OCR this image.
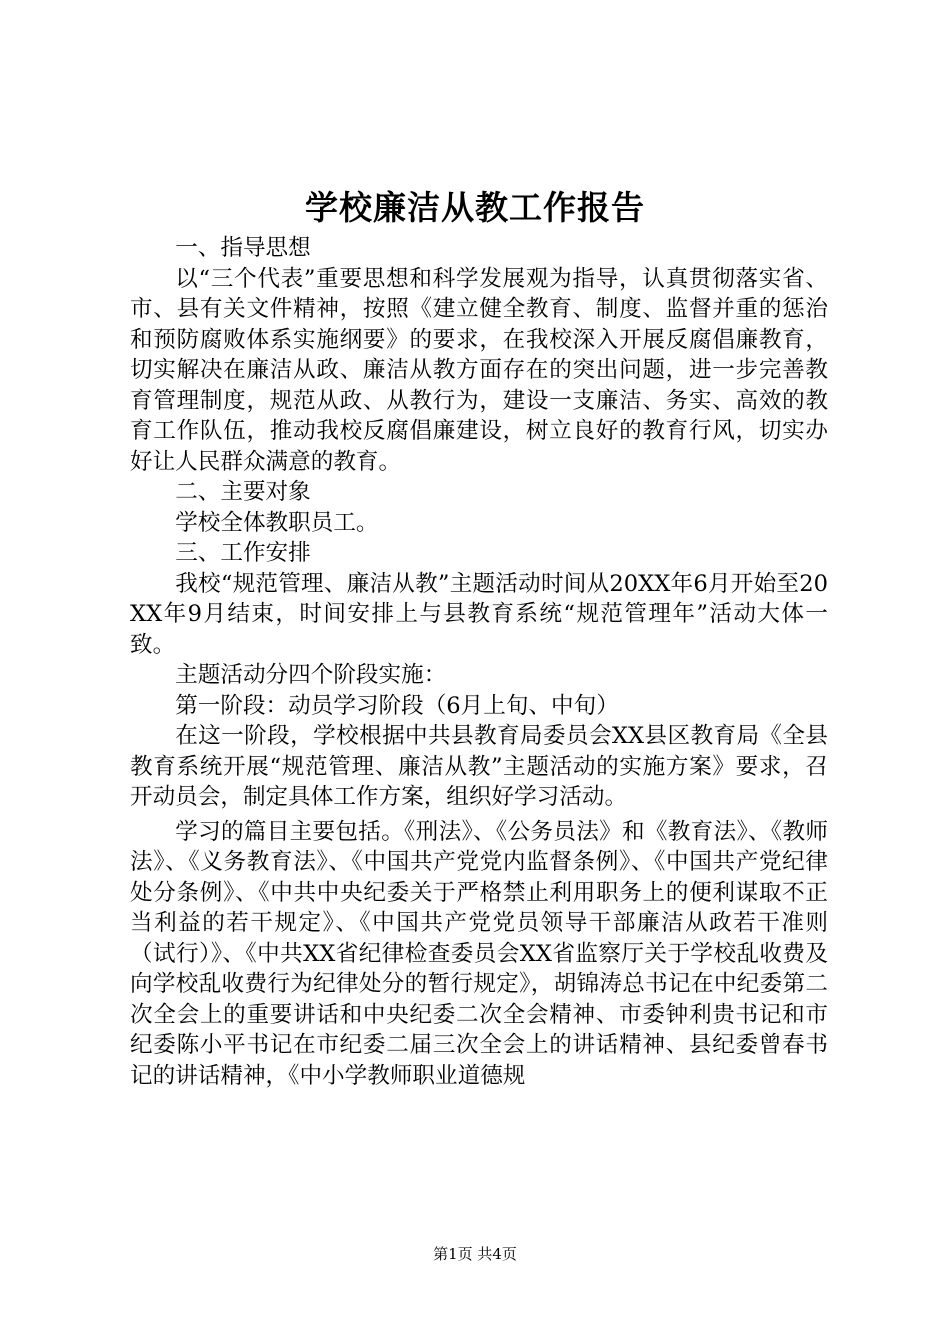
学校廉洁从教工作报告

一、指导思想

以“三个代表”重要思想和科学发展观为指导，认真贯彻落实省、市、县有关文件精神，按照《建立健全教育、制度、监督并重的惩治和预防腐败体系实施纲要》的要求，在我校深入开展反腐倡廉教育，切实解决在廉洁从政、廉洁从教方面存在的突出问题，进一步完善教育管理制度，规范从政、从教行为，建设一支廉洁、务实、高效的教育工作队伍，推动我校反腐倡廉建设，树立良好的教育行风，切实办好让人民群众满意的教育。

二、主要对象

学校全体教职员工。

三、工作安排

我校“规范管理、廉洁从教”主题活动时间从20XX年6月开始至20XX年9月结束，时间安排上与县教育系统“规范管理年”活动大体一致。

主题活动分四个阶段实施：

第一阶段：动员学习阶段（6月上旬、中旬）

在这一阶段，学校根据中共县教育局委员会XX县区教育局《全县教育系统开展“规范管理、廉洁从教”主题活动的实施方案》要求，召开动员会，制定具体工作方案，组织好学习活动。

学习的篇目主要包括。《刑法》、《公务员法》和《教育法》、《教师法》、《义务教育法》、《中国共产党党内监督条例》、《中国共产党纪律处分条例》、《中共中央纪委关于严格禁止利用职务上的便利谋取不正当利益的若干规定》、《中国共产党党员领导干部廉洁从政若干准则（试行）》、《中共XX省纪律检查委员会XX省监察厅关于学校乱收费及向学校乱收费行为纪律处分的暂行规定》，胡锦涛总书记在中纪委第二次全会上的重要讲话和中央纪委二次全会精神、市委钟利贵书记和市纪委陈小平书记在市纪委二届三次全会上的讲话精神、县纪委曾春书记的讲话精神，《中小学教师职业道德规

第1页 共4页
